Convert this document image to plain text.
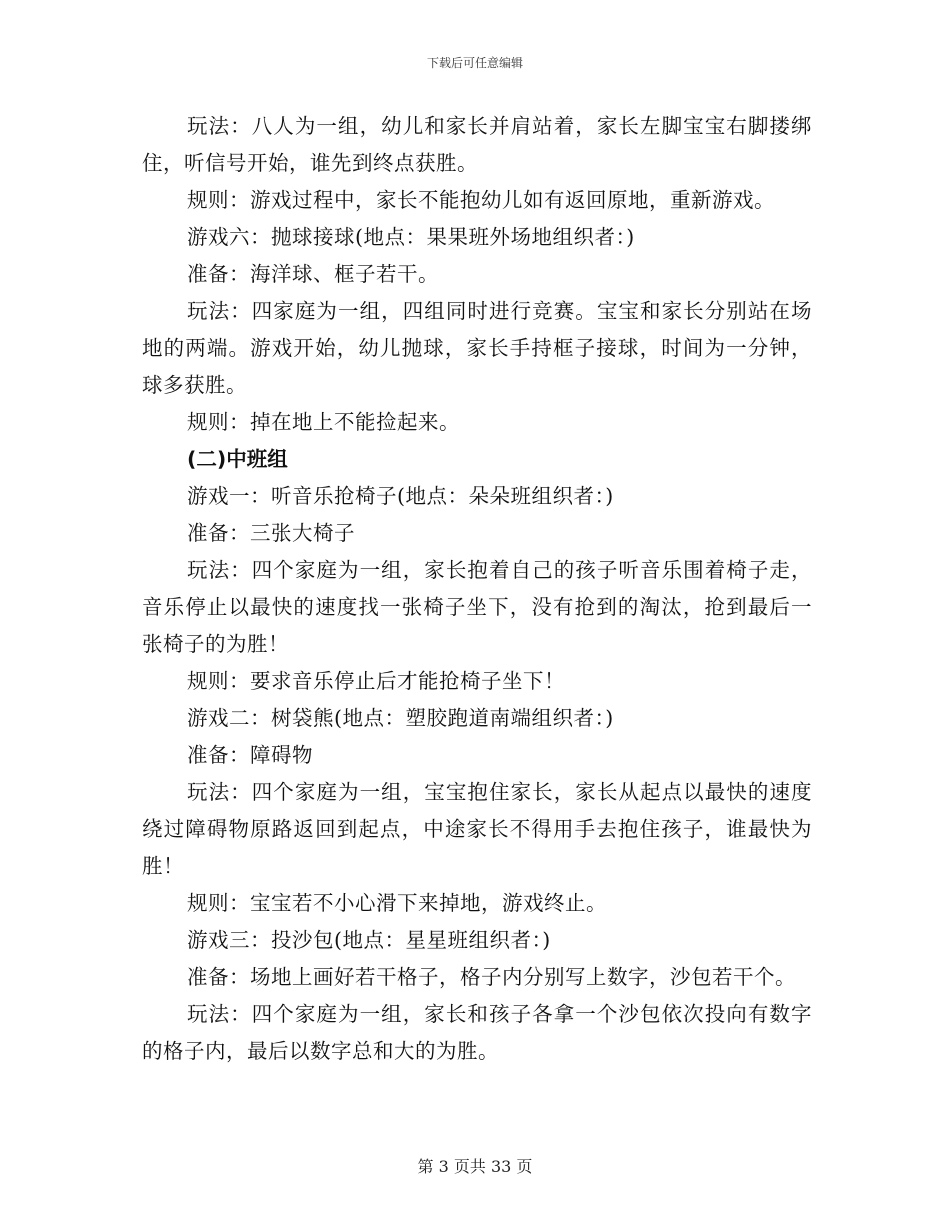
下载后可任意编辑

玩法：八人为一组，幼儿和家长并肩站着，家长左脚宝宝右脚搂绑住，听信号开始，谁先到终点获胜。

规则：游戏过程中，家长不能抱幼儿如有返回原地，重新游戏。

游戏六：抛球接球(地点：果果班外场地组织者：)

准备：海洋球、框子若干。

玩法：四家庭为一组，四组同时进行竞赛。宝宝和家长分别站在场地的两端。游戏开始，幼儿抛球，家长手持框子接球，时间为一分钟，球多获胜。

规则：掉在地上不能捡起来。

(二)中班组

游戏一：听音乐抢椅子(地点：朵朵班组织者：)

准备：三张大椅子

玩法：四个家庭为一组，家长抱着自己的孩子听音乐围着椅子走，音乐停止以最快的速度找一张椅子坐下，没有抢到的淘汰，抢到最后一张椅子的为胜！

规则：要求音乐停止后才能抢椅子坐下！

游戏二：树袋熊(地点：塑胶跑道南端组织者：)

准备：障碍物

玩法：四个家庭为一组，宝宝抱住家长，家长从起点以最快的速度绕过障碍物原路返回到起点，中途家长不得用手去抱住孩子，谁最快为胜！

规则：宝宝若不小心滑下来掉地，游戏终止。

游戏三：投沙包(地点：星星班组织者：)

准备：场地上画好若干格子，格子内分别写上数字，沙包若干个。

玩法：四个家庭为一组，家长和孩子各拿一个沙包依次投向有数字的格子内，最后以数字总和大的为胜。

第 3 页共 33 页
